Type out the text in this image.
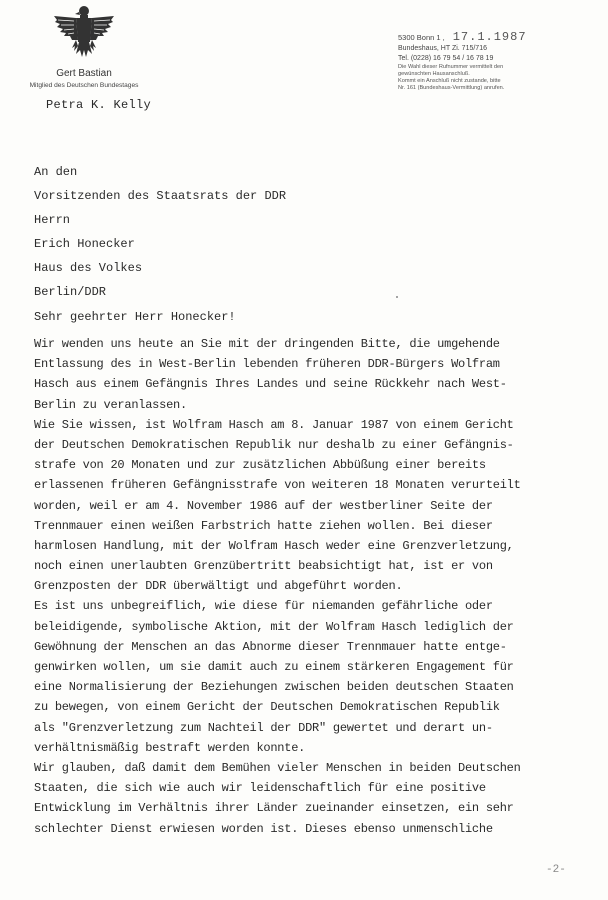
Gert Bastian
Mitglied des Deutschen Bundestages
Petra K. Kelly
5300 Bonn 1 , 17.1.1987
Bundeshaus, HT Zi. 715/716
Tel. (0228) 16 79 54 / 16 78 19
Die Wahl dieser Rufnummer vermittelt den
gewünschten Hausanschluß.
Kommt ein Anschluß nicht zustande, bitte
Nr. 161 (Bundeshaus-Vermittlung) anrufen.
An den
Vorsitzenden des Staatsrats der DDR
Herrn
Erich Honecker
Haus des Volkes
Berlin/DDR
Sehr geehrter Herr Honecker!
Wir wenden uns heute an Sie mit der dringenden Bitte, die umgehende
Entlassung des in West-Berlin lebenden früheren DDR-Bürgers Wolfram
Hasch aus einem Gefängnis Ihres Landes und seine Rückkehr nach West-
Berlin zu veranlassen.
Wie Sie wissen, ist Wolfram Hasch am 8. Januar 1987 von einem Gericht
der Deutschen Demokratischen Republik nur deshalb zu einer Gefängnis-
strafe von 20 Monaten und zur zusätzlichen Abbüßung einer bereits
erlassenen früheren Gefängnisstrafe von weiteren 18 Monaten verurteilt
worden, weil er am 4. November 1986 auf der westberliner Seite der
Trennmauer einen weißen Farbstrich hatte ziehen wollen. Bei dieser
harmlosen Handlung, mit der Wolfram Hasch weder eine Grenzverletzung,
noch einen unerlaubten Grenzübertritt beabsichtigt hat, ist er von
Grenzposten der DDR überwältigt und abgeführt worden.
Es ist uns unbegreiflich, wie diese für niemanden gefährliche oder
beleidigende, symbolische Aktion, mit der Wolfram Hasch lediglich der
Gewöhnung der Menschen an das Abnorme dieser Trennmauer hatte entge-
genwirken wollen, um sie damit auch zu einem stärkeren Engagement für
eine Normalisierung der Beziehungen zwischen beiden deutschen Staaten
zu bewegen, von einem Gericht der Deutschen Demokratischen Republik
als "Grenzverletzung zum Nachteil der DDR" gewertet und derart un-
verhältnismäßig bestraft werden konnte.
Wir glauben, daß damit dem Bemühen vieler Menschen in beiden Deutschen
Staaten, die sich wie auch wir leidenschaftlich für eine positive
Entwicklung im Verhältnis ihrer Länder zueinander einsetzen, ein sehr
schlechter Dienst erwiesen worden ist. Dieses ebenso unmenschliche
-2-
